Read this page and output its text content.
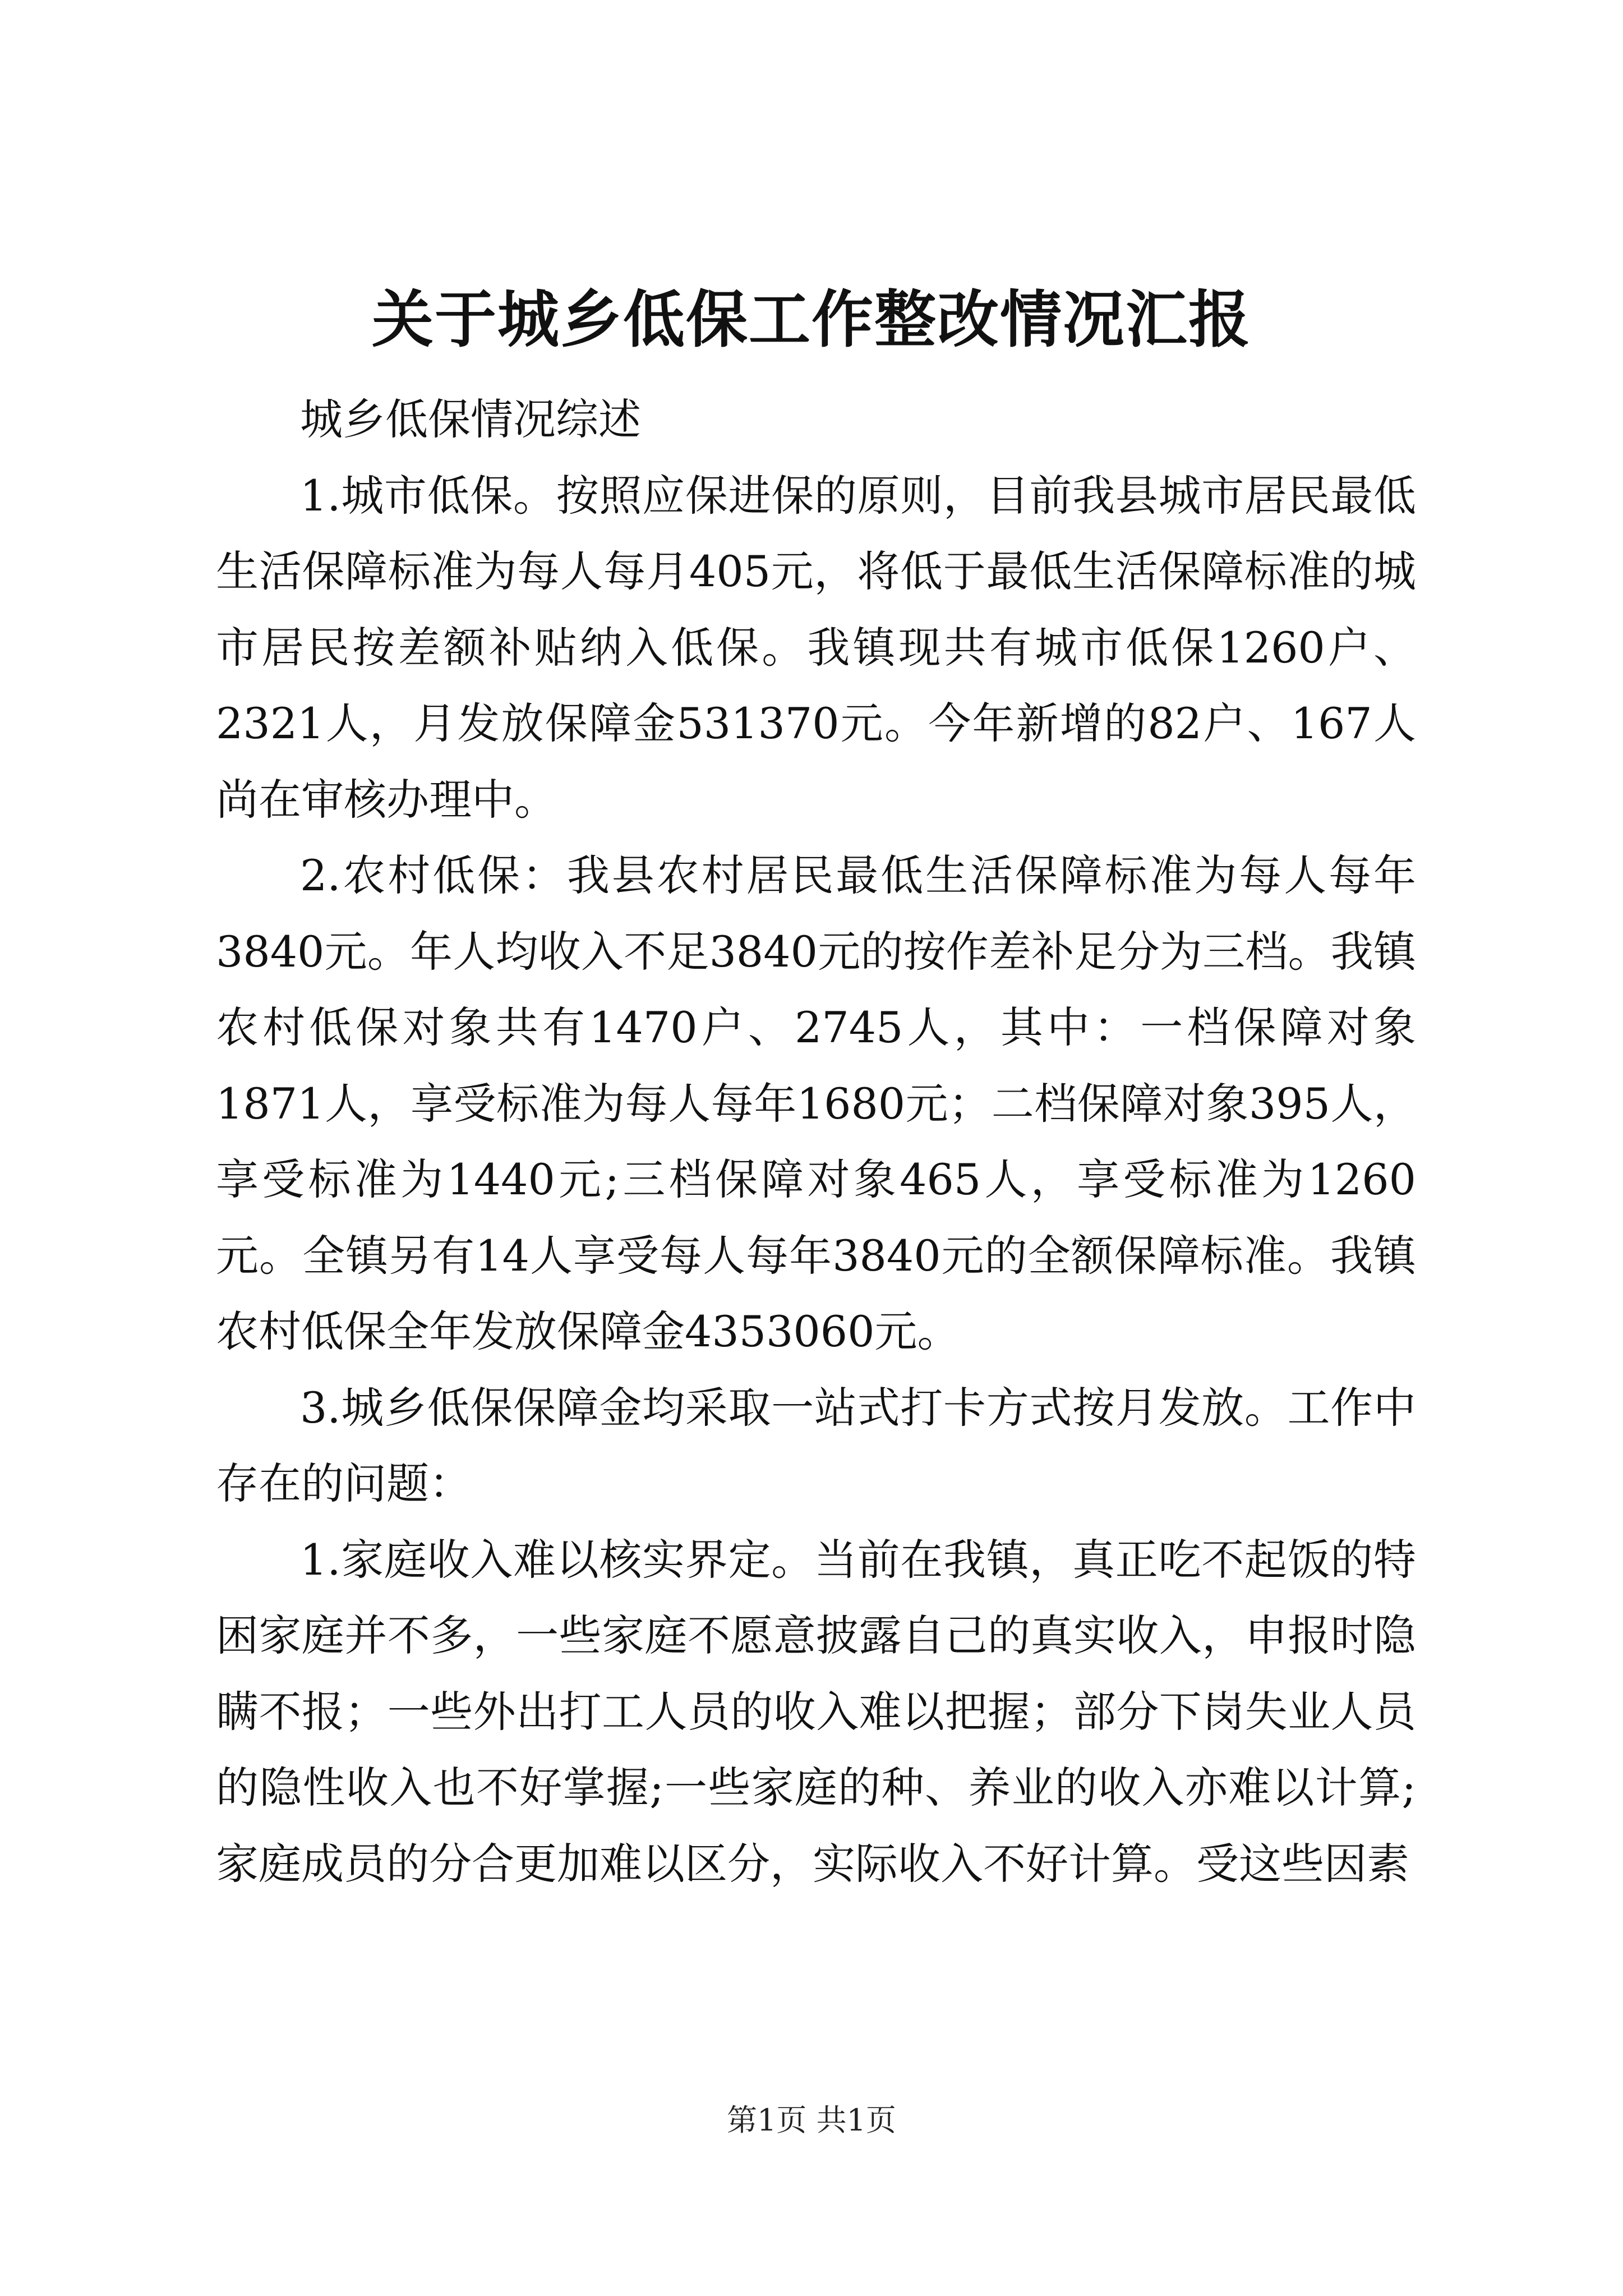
关于城乡低保工作整改情况汇报

城乡低保情况综述

1.城市低保。按照应保进保的原则，目前我县城市居民最低生活保障标准为每人每月405元，将低于最低生活保障标准的城市居民按差额补贴纳入低保。我镇现共有城市低保1260户、2321人，月发放保障金531370元。今年新增的82户、167人尚在审核办理中。

2.农村低保：我县农村居民最低生活保障标准为每人每年3840元。年人均收入不足3840元的按作差补足分为三档。我镇农村低保对象共有1470户、2745人，其中：一档保障对象1871人，享受标准为每人每年1680元；二档保障对象395人，享受标准为1440元;三档保障对象465人，享受标准为1260元。全镇另有14人享受每人每年3840元的全额保障标准。我镇农村低保全年发放保障金4353060元。

3.城乡低保保障金均采取一站式打卡方式按月发放。工作中存在的问题：

1.家庭收入难以核实界定。当前在我镇，真正吃不起饭的特困家庭并不多，一些家庭不愿意披露自己的真实收入，申报时隐瞒不报；一些外出打工人员的收入难以把握；部分下岗失业人员的隐性收入也不好掌握;一些家庭的种、养业的收入亦难以计算;家庭成员的分合更加难以区分，实际收入不好计算。受这些因素

第1页 共1页
